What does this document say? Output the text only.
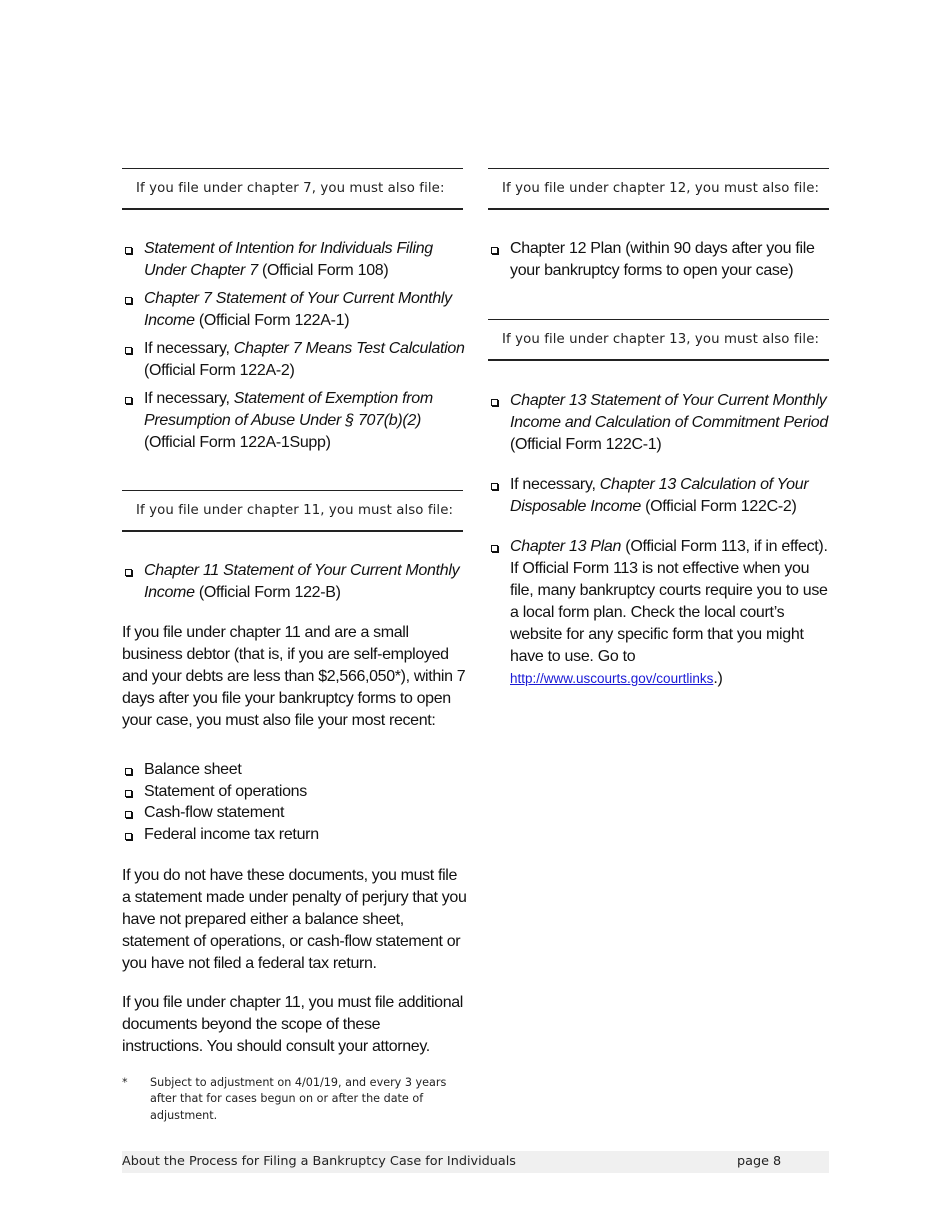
If you file under chapter 7, you must also file:
Statement of Intention for Individuals Filing Under Chapter 7 (Official Form 108)
Chapter 7 Statement of Your Current Monthly Income (Official Form 122A-1)
If necessary, Chapter 7 Means Test Calculation (Official Form 122A-2)
If necessary, Statement of Exemption from Presumption of Abuse Under § 707(b)(2) (Official Form 122A-1Supp)
If you file under chapter 11, you must also file:
Chapter 11 Statement of Your Current Monthly Income (Official Form 122-B)

If you file under chapter 11 and are a small business debtor (that is, if you are self-employed and your debts are less than $2,566,050*), within 7 days after you file your bankruptcy forms to open your case, you must also file your most recent:

Balance sheet
Statement of operations
Cash-flow statement
Federal income tax return

If you do not have these documents, you must file a statement made under penalty of perjury that you have not prepared either a balance sheet, statement of operations, or cash-flow statement or you have not filed a federal tax return.

If you file under chapter 11, you must file additional documents beyond the scope of these instructions. You should consult your attorney.

* Subject to adjustment on 4/01/19, and every 3 years after that for cases begun on or after the date of adjustment.
If you file under chapter 12, you must also file:
Chapter 12 Plan (within 90 days after you file your bankruptcy forms to open your case)
If you file under chapter 13, you must also file:
Chapter 13 Statement of Your Current Monthly Income and Calculation of Commitment Period (Official Form 122C-1)
If necessary, Chapter 13 Calculation of Your Disposable Income (Official Form 122C-2)
Chapter 13 Plan (Official Form 113, if in effect). If Official Form 113 is not effective when you file, many bankruptcy courts require you to use a local form plan. Check the local court’s website for any specific form that you might have to use. Go to http://www.uscourts.gov/courtlinks.)
About the Process for Filing a Bankruptcy Case for Individuals	page 8
